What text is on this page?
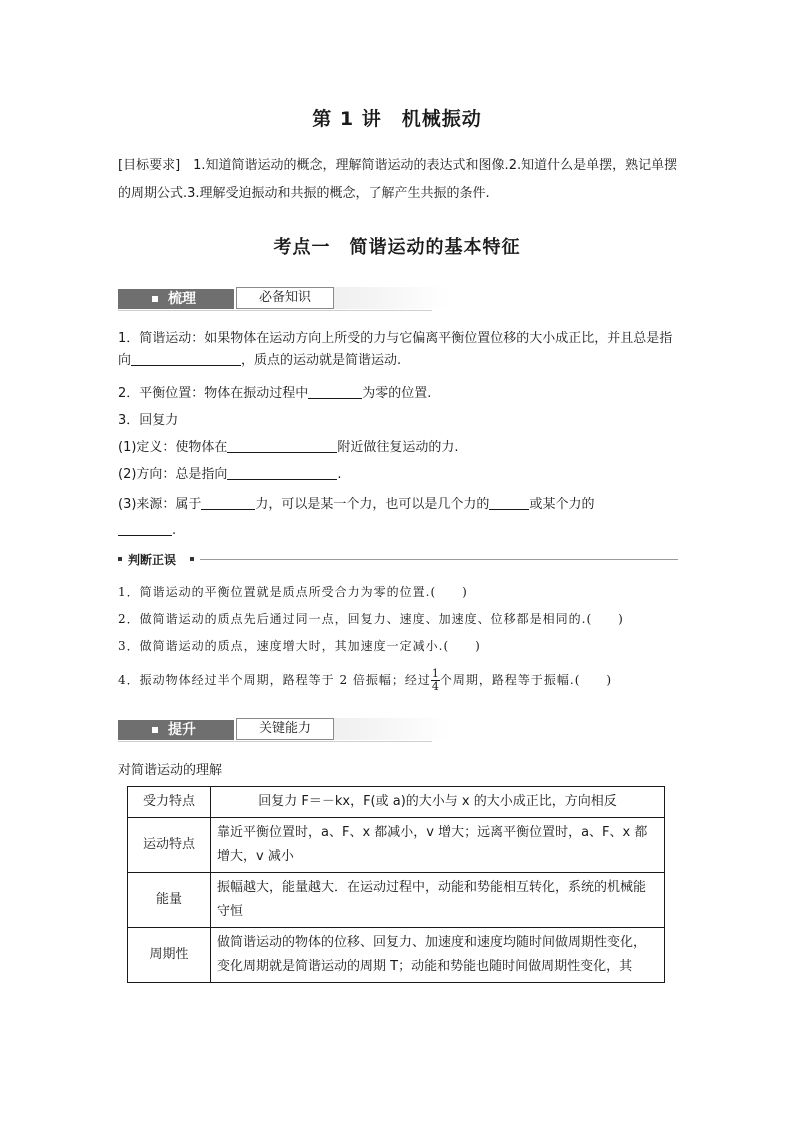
第 1 讲　机械振动
[目标要求]　1.知道简谐运动的概念，理解简谐运动的表达式和图像.2.知道什么是单摆，熟记单摆的周期公式.3.理解受迫振动和共振的概念，了解产生共振的条件.
考点一　简谐运动的基本特征
梳理	必备知识
1．简谐运动：如果物体在运动方向上所受的力与它偏离平衡位置位移的大小成正比，并且总是指向	，质点的运动就是简谐运动.
2．平衡位置：物体在振动过程中	为零的位置.
3．回复力
(1)定义：使物体在	附近做往复运动的力.
(2)方向：总是指向	.
(3)来源：属于	力，可以是某一个力，也可以是几个力的	或某个力的
.
判断正误
1．简谐运动的平衡位置就是质点所受合力为零的位置.(　　)
2．做简谐运动的质点先后通过同一点，回复力、速度、加速度、位移都是相同的.(　　)
3．做简谐运动的质点，速度增大时，其加速度一定减小.(　　)
4．振动物体经过半个周期，路程等于 2 倍振幅；经过 $\frac{1}{4}$ 个周期，路程等于振幅.(　　)
提升	关键能力
对简谐运动的理解
受力特点	回复力 F＝－kx，F(或 a)的大小与 x 的大小成正比，方向相反
运动特点	靠近平衡位置时，a、F、x 都减小，v 增大；远离平衡位置时，a、F、x 都增大，v 减小
能量	振幅越大，能量越大．在运动过程中，动能和势能相互转化，系统的机械能守恒
周期性	做简谐运动的物体的位移、回复力、加速度和速度均随时间做周期性变化，变化周期就是简谐运动的周期 T；动能和势能也随时间做周期性变化，其
